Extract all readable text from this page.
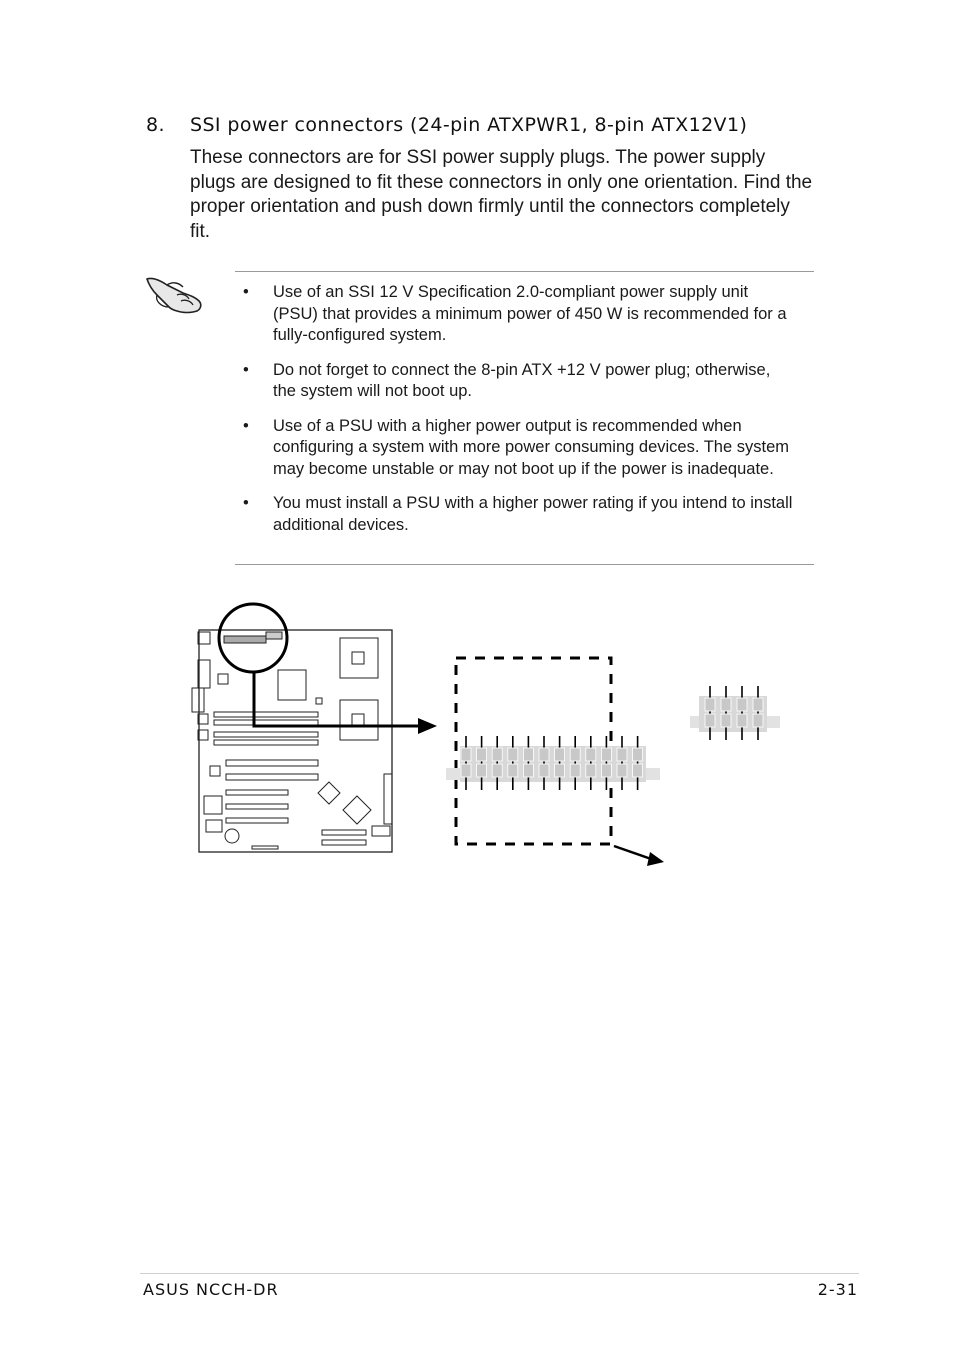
8. SSI power connectors (24-pin ATXPWR1, 8-pin ATX12V1)
These connectors are for SSI power supply plugs. The power supply plugs are designed to fit these connectors in only one orientation. Find the proper orientation and push down firmly until the connectors completely fit.
• Use of an SSI 12 V Specification 2.0-compliant power supply unit (PSU) that provides a minimum power of 450 W is recommended for a fully-configured system.
• Do not forget to connect the 8-pin ATX +12 V power plug; otherwise, the system will not boot up.
• Use of a PSU with a higher power output is recommended when configuring a system with more power consuming devices. The system may become unstable or may not boot up if the power is inadequate.
• You must install a PSU with a higher power rating if you intend to install additional devices.
ASUS NCCH-DR	2-31
